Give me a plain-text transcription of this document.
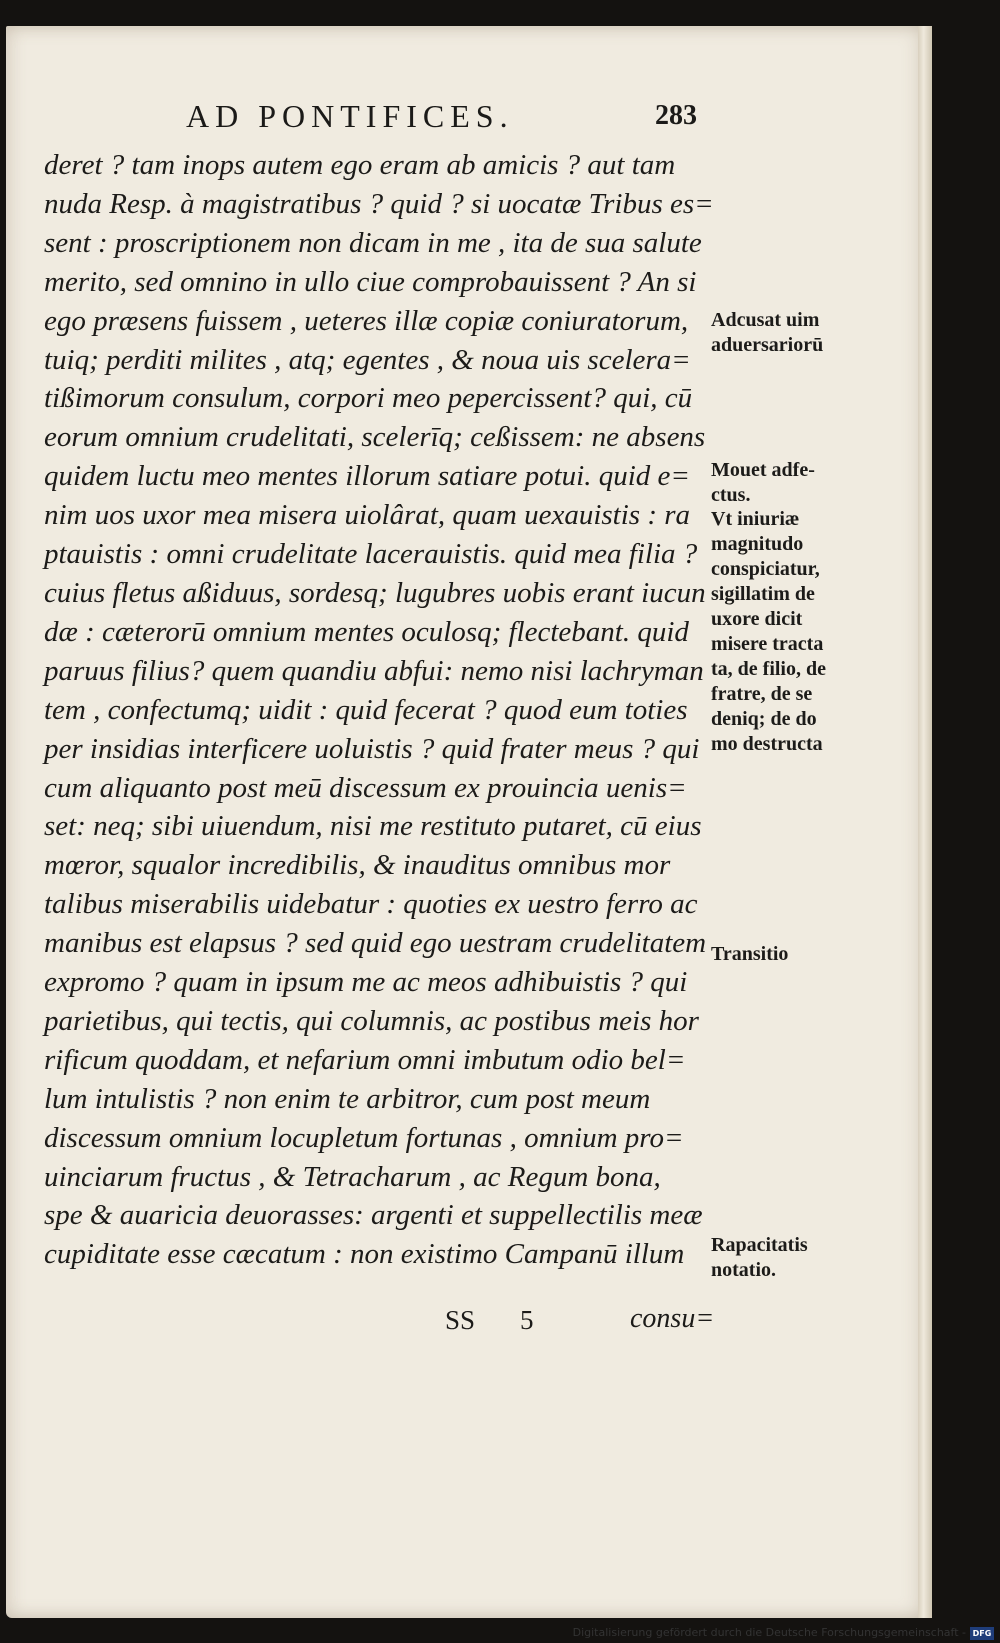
AD PONTIFICES.	283
deret ? tam inops autem ego eram ab amicis ? aut tam
nuda Resp. à magistratibus ? quid ? si uocatæ Tribus es=
sent : proscriptionem non dicam in me , ita de sua salute
merito, sed omnino in ullo ciue comprobauissent ? An si
ego præsens fuissem , ueteres illæ copiæ coniuratorum,
tuiq; perditi milites , atq; egentes , & noua uis scelera=
tißimorum consulum, corpori meo pepercissent? qui, cū
eorum omnium crudelitati, scelerīq; ceßissem: ne absens
quidem luctu meo mentes illorum satiare potui. quid e=
nim uos uxor mea misera uiolârat, quam uexauistis : ra
ptauistis : omni crudelitate lacerauistis. quid mea filia ?
cuius fletus aßiduus, sordesq; lugubres uobis erant iucun
dæ : cæterorū omnium mentes oculosq; flectebant. quid
paruus filius? quem quandiu abfui: nemo nisi lachryman
tem , confectumq; uidit : quid fecerat ? quod eum toties
per insidias interficere uoluistis ? quid frater meus ? qui
cum aliquanto post meū discessum ex prouincia uenis=
set: neq; sibi uiuendum, nisi me restituto putaret, cū eius
mœror, squalor incredibilis, & inauditus omnibus mor
talibus miserabilis uidebatur : quoties ex uestro ferro ac
manibus est elapsus ? sed quid ego uestram crudelitatem
expromo ? quam in ipsum me ac meos adhibuistis ? qui
parietibus, qui tectis, qui columnis, ac postibus meis hor
rificum quoddam, et nefarium omni imbutum odio bel=
lum intulistis ? non enim te arbitror, cum post meum
discessum omnium locupletum fortunas , omnium pro=
uinciarum fructus , & Tetracharum , ac Regum bona,
spe & auaricia deuorasses: argenti et suppellectilis meæ
cupiditate esse cæcatum : non existimo Campanū illum
Adcusat uim
aduersariorū
Mouet adfe-
ctus.
Vt iniuriæ
magnitudo
conspiciatur,
sigillatim de
uxore dicit
misere tracta
ta, de filio, de
fratre, de se
deniq; de do
mo destructa
Transitio
Rapacitatis
notatio.
SS 5	consu=
Digitalisierung gefördert durch die Deutsche Forschungsgemeinschaft - DFG
